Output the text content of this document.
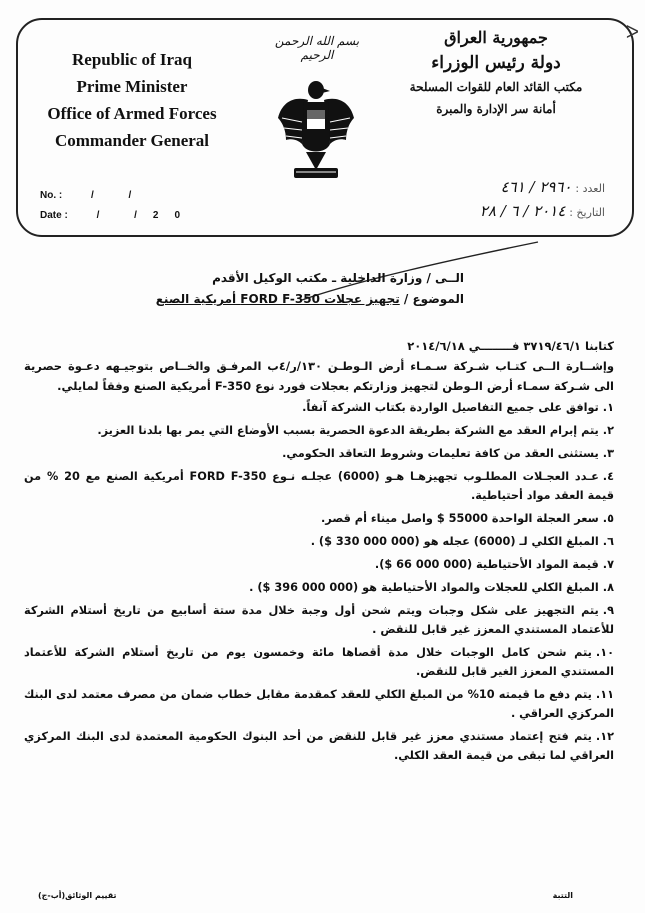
Republic of Iraq
Prime Minister
Office of Armed Forces
Commander General
بسم الله الرحمن الرحيم
جمهورية العراق
دولة رئيس الوزراء
مكتب القائد العام للقوات المسلحة
أمانة سر الإدارة والمبرة
ᐳ
No. :	/ /
Date :	/ /20
العدد : ٢٩٦٠ / ٤٦١
التاريخ : ٢٠١٤ / ٦ / ٢٨
الــى / وزارة الداخلية ـ مكتب الوكيل الأقدم
الموضوع / تجهيز عجلات FORD F-350 أمريكية الصنع
كتابنا ٣٧١٩/٤٦/١ فــــــــي ٢٠١٤/٦/١٨
وإشــارة الــى كتـاب شـركة سـمـاء أرض الـوطـن ١٣٠/ر/٤ب المرفـق والخــاص بتوجيـهه دعـوة حصرية الى شـركة سمـاء أرض الـوطن لتجهيز وزارتكم بعجلات فورد نوع F-350 أمريكية الصنع وفقاً لمايلي.
١.توافق على جميع التفاصيل الواردة بكتاب الشركة آنفاً.
٢.يتم إبرام العقد مع الشركة بطريقة الدعوة الحصرية بسبب الأوضاع التي يمر بها بلدنا العزيز.
٣.يستثنى العقد من كافة تعليمات وشروط التعاقد الحكومي.
٤.عـدد العجـلات المطلـوب تجهيزهـا هـو (6000) عجلـه نـوع FORD F-350 أمريكية الصنع مع 20 % من قيمة العقد مواد أحتياطية.
٥.سعر العجلة الواحدة 55000 $ واصل ميناء أم قصر.
٦.المبلغ الكلي لـ (6000) عجله هو (000 000 330 $) .
٧.قيمة المواد الأحتياطية (000 000 66 $).
٨.المبلغ الكلي للعجلات والمواد الأحتياطية هو (000 000 396 $) .
٩.يتم التجهيز على شكل وجبات ويتم شحن أول وجبة خلال مدة ستة أسابيع من تاريخ أستلام الشركة للأعتماد المستندي المعزز غير قابل للنقض .
١٠.يتم شحن كامل الوجبات خلال مدة أقصاها مائة وخمسون يوم من تاريخ أستلام الشركة للأعتماد المستندي المعزز الغير قابل للنقض.
١١.يتم دفع ما قيمته 10% من المبلغ الكلي للعقد كمقدمة مقابل خطاب ضمان من مصرف معتمد لدى البنك المركزي العراقي .
١٢.يتم فتح إعتماد مستندي معزز غير قابل للنقض من أحد البنوك الحكومية المعتمدة لدى البنك المركزي العراقي لما تبقى من قيمة العقد الكلي.
تقييم الوثائق(أب-ج)	التتبة
